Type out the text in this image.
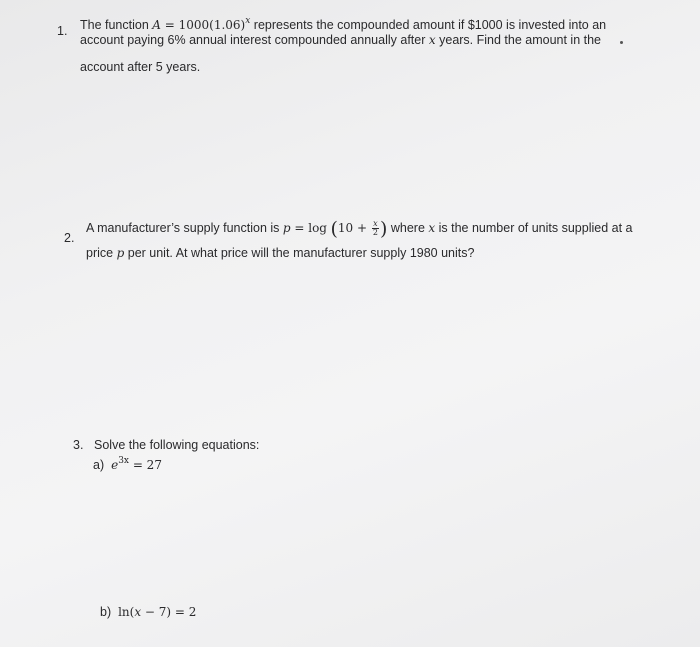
1. The function $A = 1000(1.06)^x$ represents the compounded amount if $1000 is invested into an
account paying 6% annual interest compounded annually after x years. Find the amount in the
account after 5 years.
2.
A manufacturer’s supply function is $p = \log (10 + \frac{x}{2}$ ) where x is the number of units supplied at a
price p per unit. At what price will the manufacturer supply 1980 units?
3. Solve the following equations:
a) $e^{3x} = 27$
b) ln(x − 7) = 2
